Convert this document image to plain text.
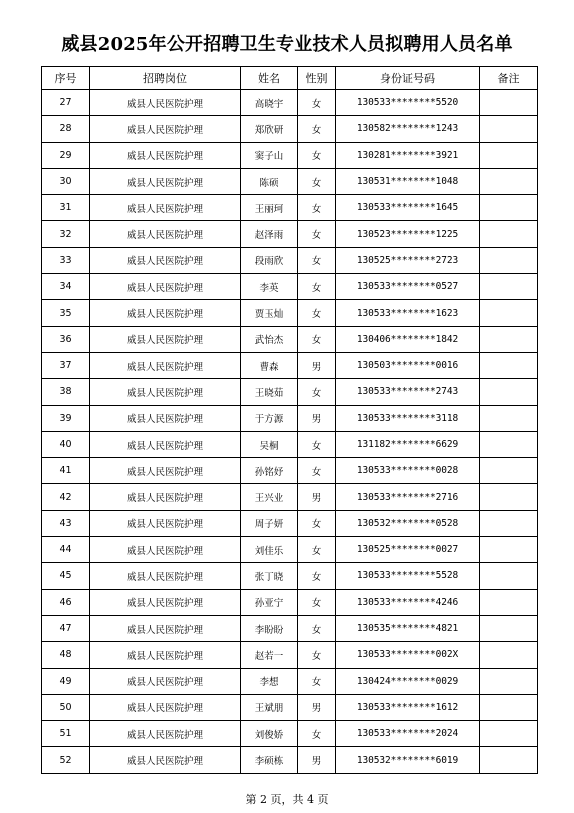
威县2025年公开招聘卫生专业技术人员拟聘用人员名单
序号	招聘岗位	姓名	性别	身份证号码	备注
27	威县人民医院护理	高晓宇	女	130533********5520	
28	威县人民医院护理	郑欣研	女	130582********1243	
29	威县人民医院护理	窦子山	女	130281********3921	
30	威县人民医院护理	陈硕	女	130531********1048	
31	威县人民医院护理	王丽珂	女	130533********1645	
32	威县人民医院护理	赵泽雨	女	130523********1225	
33	威县人民医院护理	段雨欣	女	130525********2723	
34	威县人民医院护理	李英	女	130533********0527	
35	威县人民医院护理	贾玉灿	女	130533********1623	
36	威县人民医院护理	武怡杰	女	130406********1842	
37	威县人民医院护理	曹森	男	130503********0016	
38	威县人民医院护理	王晓茹	女	130533********2743	
39	威县人民医院护理	于方源	男	130533********3118	
40	威县人民医院护理	吴桐	女	131182********6629	
41	威县人民医院护理	孙铭妤	女	130533********0028	
42	威县人民医院护理	王兴业	男	130533********2716	
43	威县人民医院护理	周子妍	女	130532********0528	
44	威县人民医院护理	刘佳乐	女	130525********0027	
45	威县人民医院护理	张丁晓	女	130533********5528	
46	威县人民医院护理	孙亚宁	女	130533********4246	
47	威县人民医院护理	李盼盼	女	130535********4821	
48	威县人民医院护理	赵若一	女	130533********002X	
49	威县人民医院护理	李想	女	130424********0029	
50	威县人民医院护理	王斌朋	男	130533********1612	
51	威县人民医院护理	刘俊娇	女	130533********2024	
52	威县人民医院护理	李硕栋	男	130532********6019	
第 2 页，共 4 页
